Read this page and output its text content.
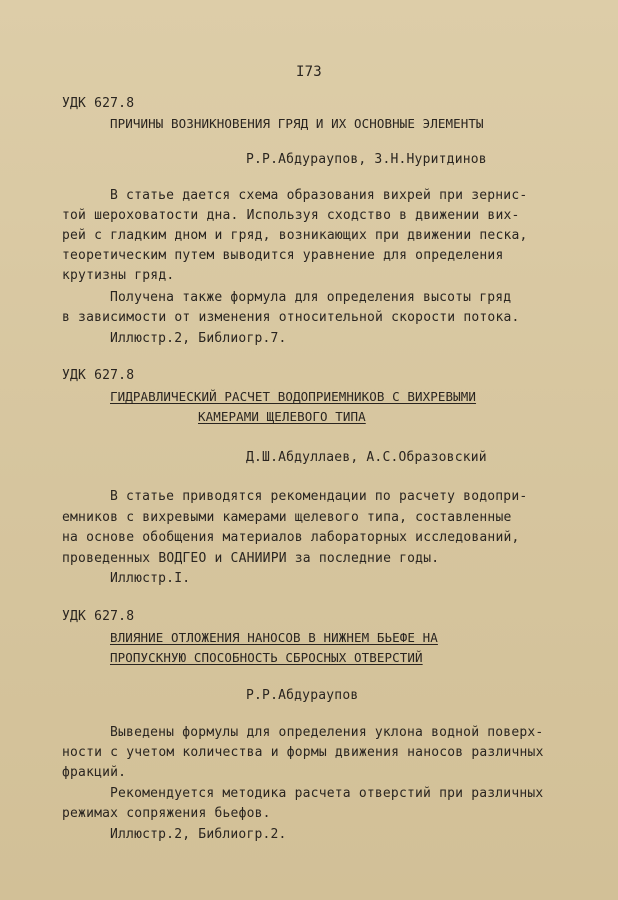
I73
УДК 627.8
ПРИЧИНЫ ВОЗНИКНОВЕНИЯ ГРЯД И ИХ ОСНОВНЫЕ ЭЛЕМЕНТЫ
Р.Р.Абдураупов, З.Н.Нуритдинов
В статье дается схема образования вихрей при зернис-
той шероховатости дна. Используя сходство в движении вих-
рей с гладким дном и гряд, возникающих при движении песка,
теоретическим путем выводится уравнение для определения
крутизны гряд.
Получена также формула для определения высоты гряд
в зависимости от изменения относительной скорости потока.
Иллюстр.2, Библиогр.7.
УДК 627.8
ГИДРАВЛИЧЕСКИЙ РАСЧЕТ ВОДОПРИЕМНИКОВ С ВИХРЕВЫМИ
КАМЕРАМИ ЩЕЛЕВОГО ТИПА
Д.Ш.Абдуллаев, А.С.Образовский
В статье приводятся рекомендации по расчету водопри-
емников с вихревыми камерами щелевого типа, составленные
на основе обобщения материалов лабораторных исследований,
проведенных ВОДГЕО и САНИИРИ за последние годы.
Иллюстр.I.
УДК 627.8
ВЛИЯНИЕ ОТЛОЖЕНИЯ НАНОСОВ В НИЖНЕМ БЬЕФЕ НА
ПРОПУСКНУЮ СПОСОБНОСТЬ СБРОСНЫХ ОТВЕРСТИЙ
Р.Р.Абдураупов
Выведены формулы для определения уклона водной поверх-
ности с учетом количества и формы движения наносов различных
фракций.
Рекомендуется методика расчета отверстий при различных
режимах сопряжения бьефов.
Иллюстр.2, Библиогр.2.
